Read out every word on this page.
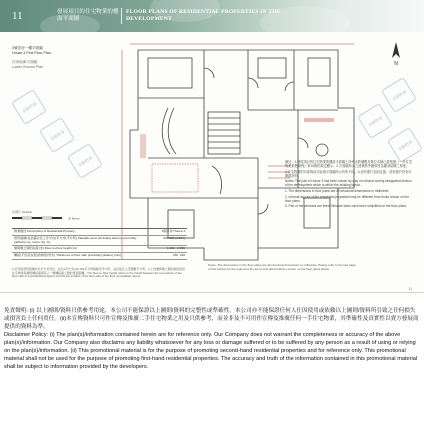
11	發展項目的住宅物業的樓面平面圖
FLOOR PLANS OF RESIDENTIAL PROPERTIES IN THE DEVELOPMENT
3號洋房一樓平面圖
House 3 First Floor Plan
洋房地庫平面圖
Lower Ground Plan
美聯物業
美聯物業
美聯物業
美聯物業
美聯物業
美聯物業
N

備註：1.發展項目的住宅物業的樓面平面圖上所列出的層數及單位名稱已經根據《一手住宅物業銷售條例》第10條的規定顯示。2.平面圖所示之建築物外牆厚度為牆身結構之厚度。

3.住宅物業的內部佈局可能與平面圖所示有所不同。4.部份窗戶為固定窗，部份窗戶設有可開啟部份。

Notes: The part of House 3 has been shown by way of notional merely designated section of the development which is within the building layout.

1. The dimensions in floor plans are all structural dimensions in millimetre.

2. Internal layouts of the residential properties may be different from those shown on the floor plans.

3. Part of the windows are fixed. Window sizes have been simplified on the floor plans.

比例尺 SCALE
米 Metre
物業描述 Description of Residential Property	3號洋房 House 3
實用面積(包括露台及工作平台)平方米(平方呎) Saleable area (including balcony and utility platform) sq. metre (sq. ft.)	333.888 (3,594)
層與層之間的高度(米) Floor-to-floor height (m)	3.150 - 3.950
樓板(不包括灰泥)的厚度(毫米) Thickness of floor slab (excluding plaster) (mm)	150, 180
1.所列的實用面積均以平方米列出，並以1平方米=10.764平方呎換算至平方呎，並四捨五入至整數平方呎。2.上述層與層之間的高度指該住宅物業每層的樓板面與其上一層樓板面之間的垂直距離。The floor-to-floor height refers to the height between the top surface of the floor slab of a residential property and the top surface of the floor slab of the floor immediately above.
Notes: The dimensions in the floor plans are all structural dimensions in millimetre. Please refer to the last page of this section for the legend of the terms and abbreviations shown on the floor plans above.
11

免責聲明: (i) 以上圖則/資料只供參考用途，本公司不能保證以上圖則/資料的完整性或準確性，本公司亦不能保證任何人仕因使用或依賴以上圖則/資料所引致之任何損失或損害負上任何責任。(ii)本宣傳資料只可作宣傳及推廣二手住宅物業之用及只供參考，而並非及不可用作宣傳及推廣任何一手住宅物業，其準確性及真實性以賣方發展商提供的資料為準。

Disclaimer Policy: (i) The plan(s)/information contained herein are for reference only. Our Company does not warrant the completeness or accuracy of the above plan(s)/information. Our Company also disclaims any liability whatsoever for any loss or damage suffered or to be suffered by any person as a result of using or relying on the plan(s)/information. (ii) This promotional material is for the purpose of promoting second-hand residential properties and for reference only. This promotional material shall not be used for the purpose of promoting first-hand residential properties. The accuracy and truth of the information contained in this promotional material shall be subject to information provided by the developers.
